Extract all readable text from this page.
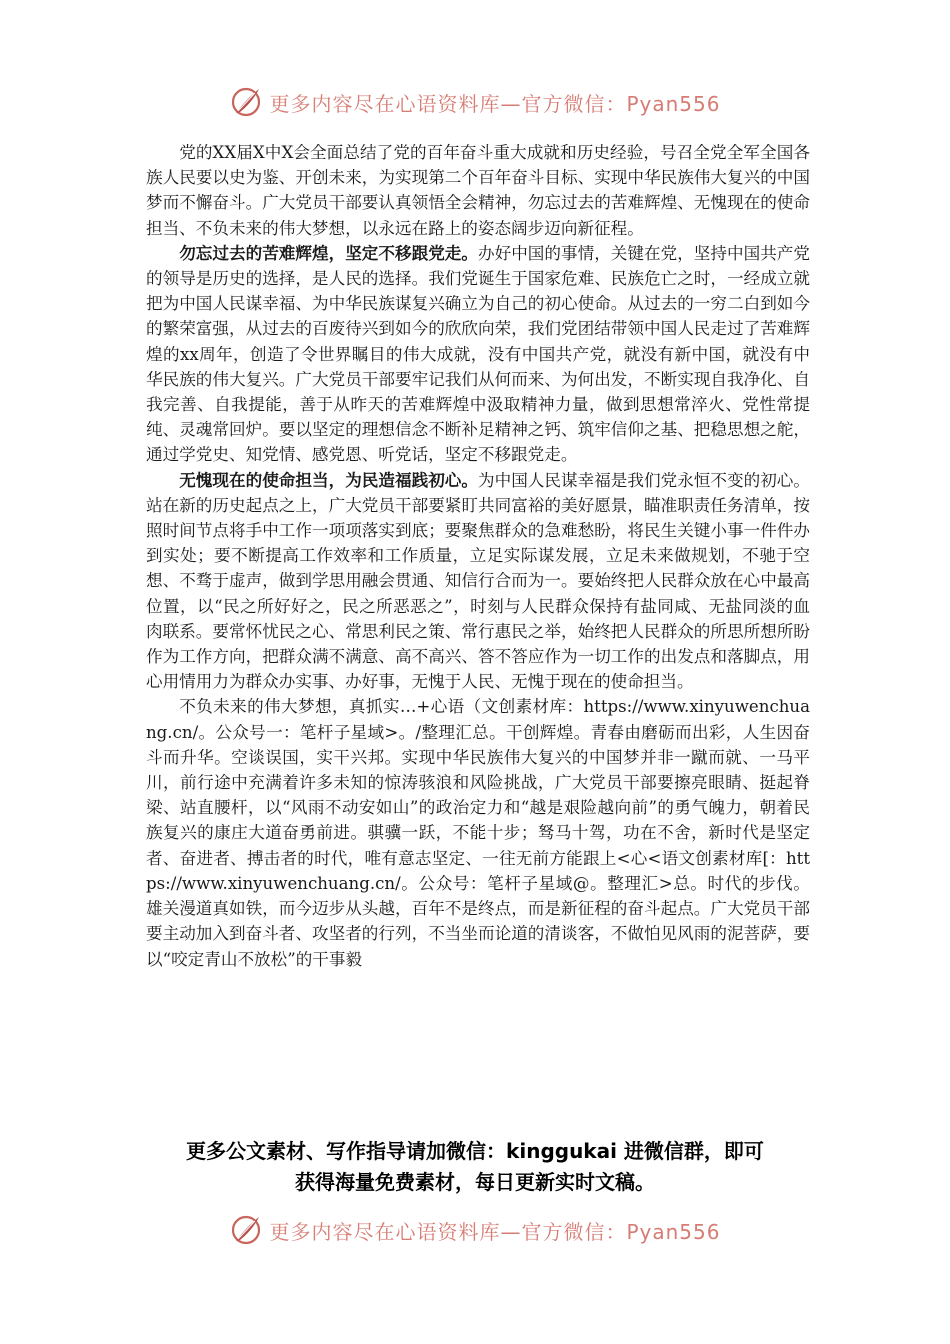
更多内容尽在心语资料库—官方微信：Pyan556

党的XX届X中X会全面总结了党的百年奋斗重大成就和历史经验，号召全党全军全国各族人民要以史为鉴、开创未来，为实现第二个百年奋斗目标、实现中华民族伟大复兴的中国梦而不懈奋斗。广大党员干部要认真领悟全会精神，勿忘过去的苦难辉煌、无愧现在的使命担当、不负未来的伟大梦想，以永远在路上的姿态阔步迈向新征程。

勿忘过去的苦难辉煌，坚定不移跟党走。办好中国的事情，关键在党，坚持中国共产党的领导是历史的选择，是人民的选择。我们党诞生于国家危难、民族危亡之时，一经成立就把为中国人民谋幸福、为中华民族谋复兴确立为自己的初心使命。从过去的一穷二白到如今的繁荣富强，从过去的百废待兴到如今的欣欣向荣，我们党团结带领中国人民走过了苦难辉煌的xx周年，创造了令世界瞩目的伟大成就，没有中国共产党，就没有新中国，就没有中华民族的伟大复兴。广大党员干部要牢记我们从何而来、为何出发，不断实现自我净化、自我完善、自我提能，善于从昨天的苦难辉煌中汲取精神力量，做到思想常淬火、党性常提纯、灵魂常回炉。要以坚定的理想信念不断补足精神之钙、筑牢信仰之基、把稳思想之舵，通过学党史、知党情、感党恩、听党话，坚定不移跟党走。

无愧现在的使命担当，为民造福践初心。为中国人民谋幸福是我们党永恒不变的初心。站在新的历史起点之上，广大党员干部要紧盯共同富裕的美好愿景，瞄准职责任务清单，按照时间节点将手中工作一项项落实到底；要聚焦群众的急难愁盼，将民生关键小事一件件办到实处；要不断提高工作效率和工作质量，立足实际谋发展，立足未来做规划，不驰于空想、不骛于虚声，做到学思用融会贯通、知信行合而为一。要始终把人民群众放在心中最高位置，以“民之所好好之，民之所恶恶之”，时刻与人民群众保持有盐同咸、无盐同淡的血肉联系。要常怀忧民之心、常思利民之策、常行惠民之举，始终把人民群众的所思所想所盼作为工作方向，把群众满不满意、高不高兴、答不答应作为一切工作的出发点和落脚点，用心用情用力为群众办实事、办好事，无愧于人民、无愧于现在的使命担当。

不负未来的伟大梦想，真抓实…+心语（文创素材库：https://www.xinyuwenchuang.cn/。公众号一：笔杆子星域>。/整理汇总。干创辉煌。青春由磨砺而出彩，人生因奋斗而升华。空谈误国，实干兴邦。实现中华民族伟大复兴的中国梦并非一蹴而就、一马平川，前行途中充满着许多未知的惊涛骇浪和风险挑战，广大党员干部要擦亮眼睛、挺起脊梁、站直腰杆，以“风雨不动安如山”的政治定力和“越是艰险越向前”的勇气魄力，朝着民族复兴的康庄大道奋勇前进。骐骥一跃，不能十步；驽马十驾，功在不舍，新时代是坚定者、奋进者、搏击者的时代，唯有意志坚定、一往无前方能跟上<心<语文创素材库[：https://www.xinyuwenchuang.cn/。公众号：笔杆子星域@。整理汇>总。时代的步伐。雄关漫道真如铁，而今迈步从头越，百年不是终点，而是新征程的奋斗起点。广大党员干部要主动加入到奋斗者、攻坚者的行列，不当坐而论道的清谈客，不做怕见风雨的泥菩萨，要以“咬定青山不放松”的干事毅

更多公文素材、写作指导请加微信：kinggukai 进微信群，即可
获得海量免费素材，每日更新实时文稿。
更多内容尽在心语资料库—官方微信：Pyan556
